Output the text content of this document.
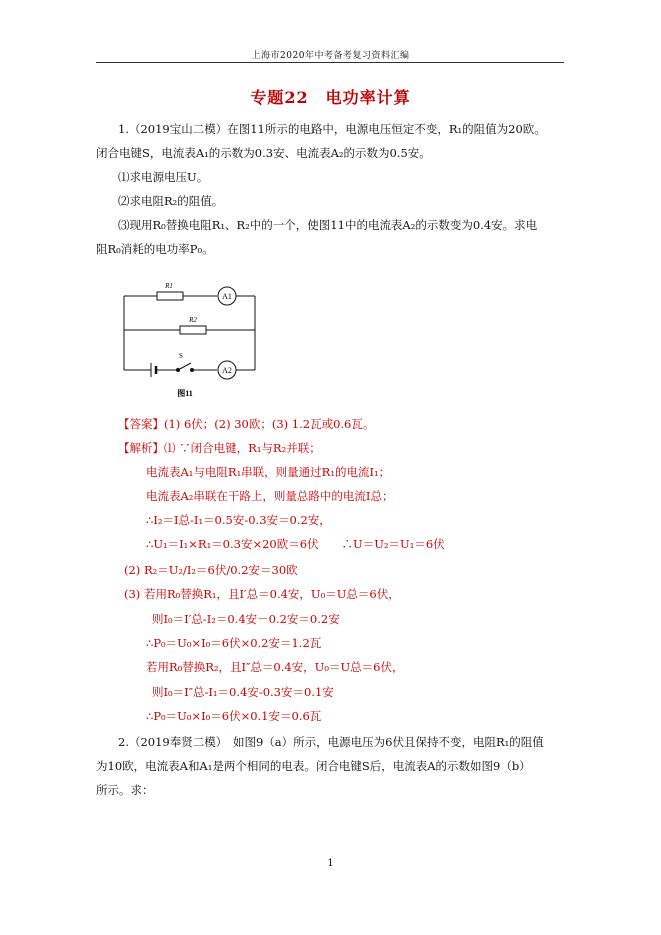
上海市2020年中考备考复习资料汇编
专题22　电功率计算
1.（2019宝山二模）在图11所示的电路中，电源电压恒定不变，R₁的阻值为20欧。
闭合电键S，电流表A₁的示数为0.3安、电流表A₂的示数为0.5安。
⑴求电源电压U。
⑵求电阻R₂的阻值。
⑶现用R₀替换电阻R₁、R₂中的一个，使图11中的电流表A₂的示数变为0.4安。求电
阻R₀消耗的电功率P₀。
R1
R2
A1
A2
S
图11
【答案】(1) 6伏；(2) 30欧；(3) 1.2瓦或0.6瓦。
【解析】⑴ ∵闭合电键，R₁与R₂并联；
电流表A₁与电阻R₁串联，则量通过R₁的电流I₁；
电流表A₂串联在干路上，则量总路中的电流I总；
∴I₂＝I总-I₁＝0.5安-0.3安＝0.2安，
∴U₁＝I₁×R₁＝0.3安×20欧＝6伏　　∴U＝U₂＝U₁＝6伏
(2) R₂＝U₂/I₂＝6伏/0.2安＝30欧
(3) 若用R₀替换R₁，且I′总＝0.4安，U₀＝U总＝6伏，
则I₀＝I′总-I₂＝0.4安－0.2安＝0.2安
∴P₀＝U₀×I₀＝6伏×0.2安＝1.2瓦
若用R₀替换R₂，且I″总＝0.4安，U₀＝U总＝6伏，
则I₀＝I″总-I₁＝0.4安-0.3安＝0.1安
∴P₀＝U₀×I₀＝6伏×0.1安＝0.6瓦
2.（2019奉贤二模）　如图9（a）所示，电源电压为6伏且保持不变，电阻R₁的阻值
为10欧，电流表A和A₁是两个相同的电表。闭合电键S后，电流表A的示数如图9（b）
所示。求：
1
